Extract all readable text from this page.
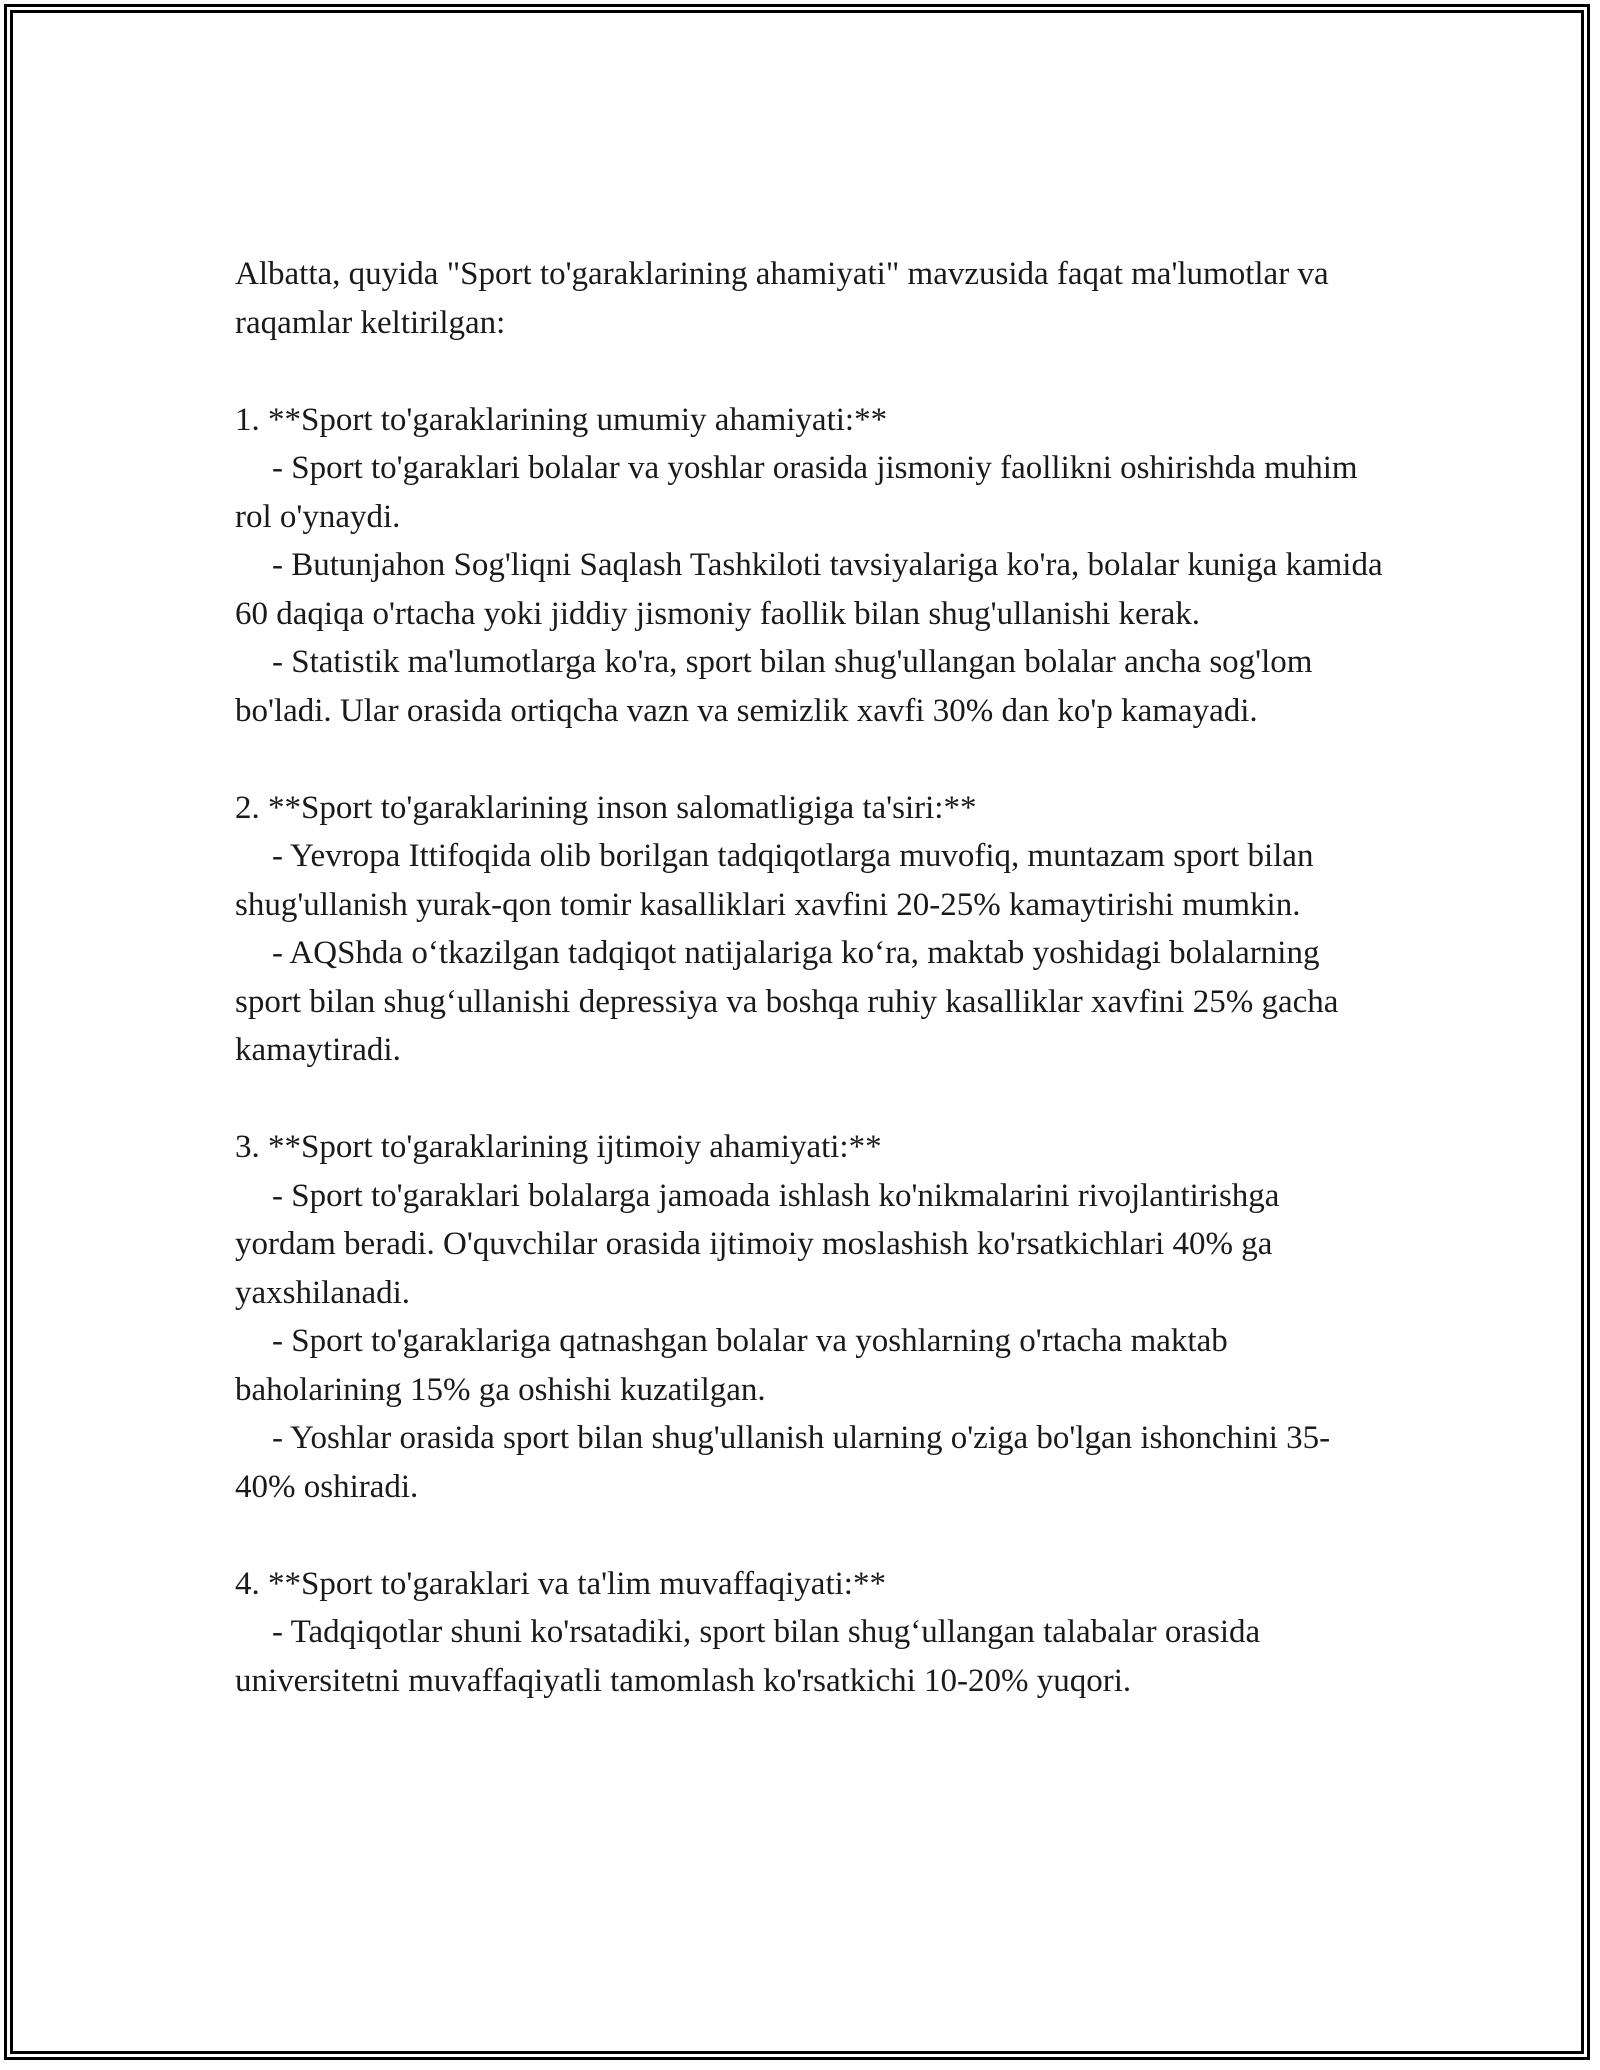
Albatta, quyida "Sport to'garaklarining ahamiyati" mavzusida faqat ma'lumotlar va raqamlar keltirilgan:

1. **Sport to'garaklarining umumiy ahamiyati:**

- Sport to'garaklari bolalar va yoshlar orasida jismoniy faollikni oshirishda muhim rol o'ynaydi.

- Butunjahon Sog'liqni Saqlash Tashkiloti tavsiyalariga ko'ra, bolalar kuniga kamida 60 daqiqa o'rtacha yoki jiddiy jismoniy faollik bilan shug'ullanishi kerak.

- Statistik ma'lumotlarga ko'ra, sport bilan shug'ullangan bolalar ancha sog'lom bo'ladi. Ular orasida ortiqcha vazn va semizlik xavfi 30% dan ko'p kamayadi.

2. **Sport to'garaklarining inson salomatligiga ta'siri:**

- Yevropa Ittifoqida olib borilgan tadqiqotlarga muvofiq, muntazam sport bilan shug'ullanish yurak-qon tomir kasalliklari xavfini 20-25% kamaytirishi mumkin.

- AQShda o‘tkazilgan tadqiqot natijalariga ko‘ra, maktab yoshidagi bolalarning sport bilan shug‘ullanishi depressiya va boshqa ruhiy kasalliklar xavfini 25% gacha kamaytiradi.

3. **Sport to'garaklarining ijtimoiy ahamiyati:**

- Sport to'garaklari bolalarga jamoada ishlash ko'nikmalarini rivojlantirishga yordam beradi. O'quvchilar orasida ijtimoiy moslashish ko'rsatkichlari 40% ga yaxshilanadi.

- Sport to'garaklariga qatnashgan bolalar va yoshlarning o'rtacha maktab baholarining 15% ga oshishi kuzatilgan.

- Yoshlar orasida sport bilan shug'ullanish ularning o'ziga bo'lgan ishonchini 35-40% oshiradi.

4. **Sport to'garaklari va ta'lim muvaffaqiyati:**

- Tadqiqotlar shuni ko'rsatadiki, sport bilan shug‘ullangan talabalar orasida universitetni muvaffaqiyatli tamomlash ko'rsatkichi 10-20% yuqori.
